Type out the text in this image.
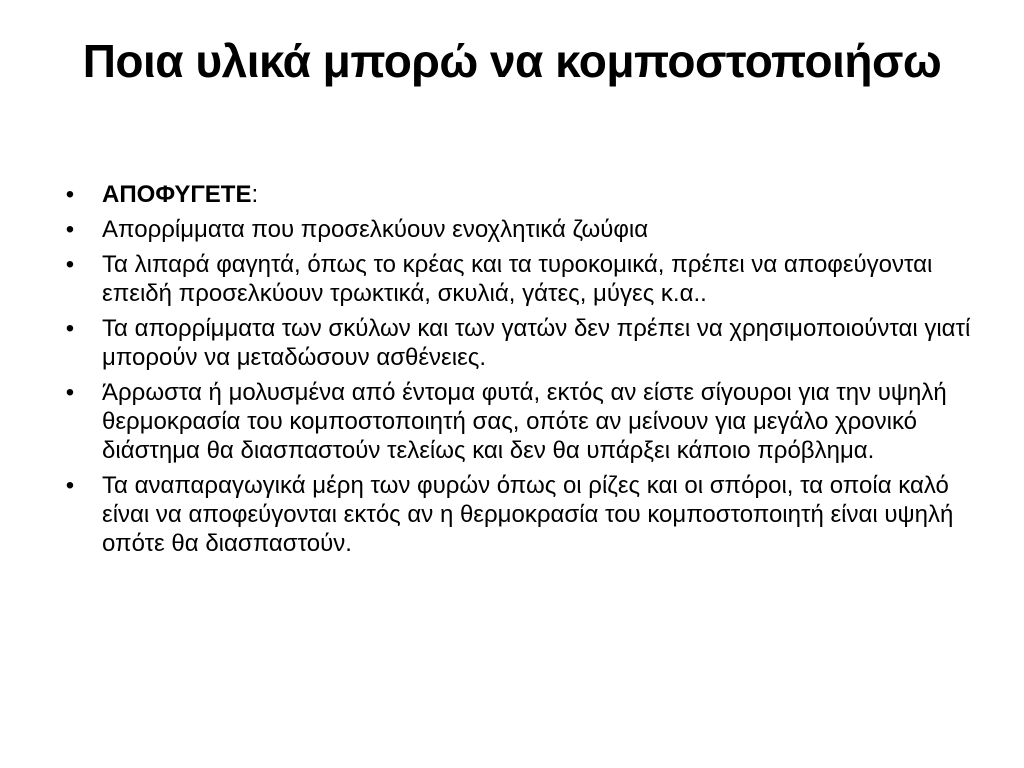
Ποια υλικά μπορώ να κομποστοποιήσω
• ΑΠΟΦΥΓΕΤΕ:
• Απορρίμματα που προσελκύουν ενοχλητικά ζωύφια
• Τα λιπαρά φαγητά, όπως το κρέας και τα τυροκομικά, πρέπει να αποφεύγονται επειδή προσελκύουν τρωκτικά, σκυλιά, γάτες, μύγες κ.α..
• Τα απορρίμματα των σκύλων και των γατών δεν πρέπει να χρησιμοποιούνται γιατί μπορούν να μεταδώσουν ασθένειες.
• Άρρωστα ή μολυσμένα από έντομα φυτά, εκτός αν είστε σίγουροι για την υψηλή θερμοκρασία του κομποστοποιητή σας, οπότε αν μείνουν για μεγάλο χρονικό διάστημα θα διασπαστούν τελείως και δεν θα υπάρξει κάποιο πρόβλημα.
• Τα αναπαραγωγικά μέρη των φυρών όπως οι ρίζες και οι σπόροι, τα οποία καλό είναι να αποφεύγονται εκτός αν η θερμοκρασία του κομποστοποιητή είναι υψηλή οπότε θα διασπαστούν.
